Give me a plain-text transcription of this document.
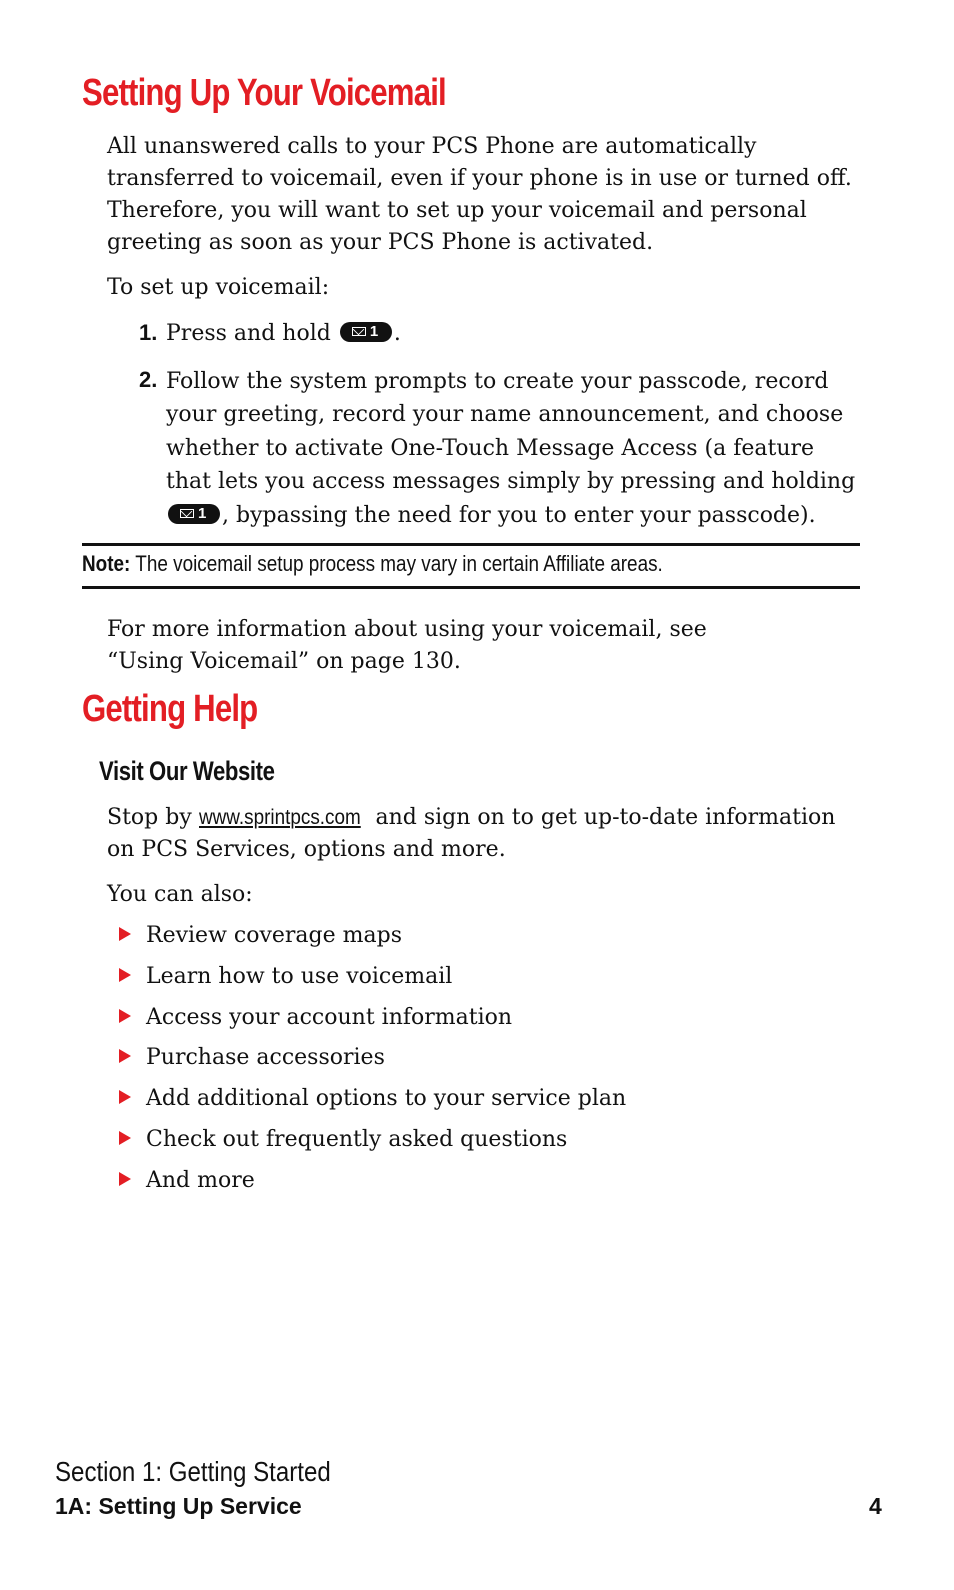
Setting Up Your Voicemail

All unanswered calls to your PCS Phone are automatically transferred to voicemail, even if your phone is in use or turned off. Therefore, you will want to set up your voicemail and personal greeting as soon as your PCS Phone is activated.

To set up voicemail:

1. Press and hold 1 .

2. Follow the system prompts to create your passcode, record your greeting, record your name announcement, and choose whether to activate One-Touch Message Access (a feature that lets you access messages simply by pressing and holding
1 , bypassing the need for you to enter your passcode).

Note: The voicemail setup process may vary in certain Affiliate areas.

For more information about using your voicemail, see “Using Voicemail” on page 130.

Getting Help
Visit Our Website

Stop by www.sprintpcs.com and sign on to get up-to-date information on PCS Services, options and more.

You can also:

Review coverage maps
Learn how to use voicemail
Access your account information
Purchase accessories
Add additional options to your service plan
Check out frequently asked questions
And more
Section 1: Getting Started
1A: Setting Up Service	4
